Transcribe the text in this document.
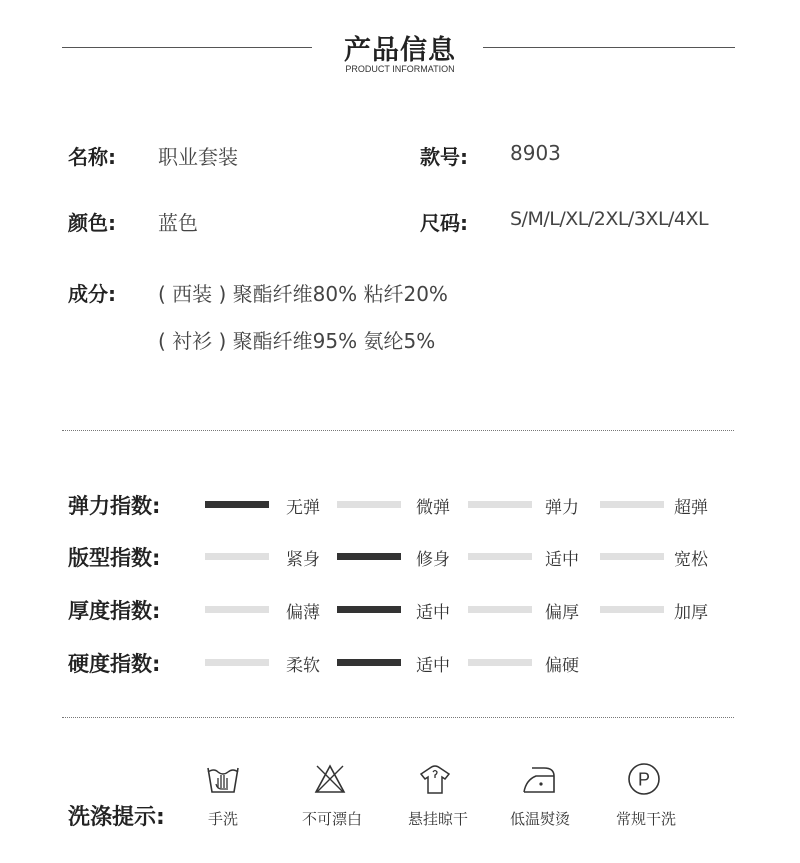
产品信息
PRODUCT INFORMATION
名称: 职业套装	款号: 8903
颜色: 蓝色	尺码: S/M/L/XL/2XL/3XL/4XL
成分: ( 西装 ) 聚酯纤维80% 粘纤20%
( 衬衫 ) 聚酯纤维95% 氨纶5%
弹力指数:	无弹	微弹	弹力	超弹
版型指数:	紧身	修身	适中	宽松
厚度指数:	偏薄	适中	偏厚	加厚
硬度指数:	柔软	适中	偏硬
洗涤提示:
P
手洗	不可漂白	悬挂晾干	低温熨烫	常规干洗
